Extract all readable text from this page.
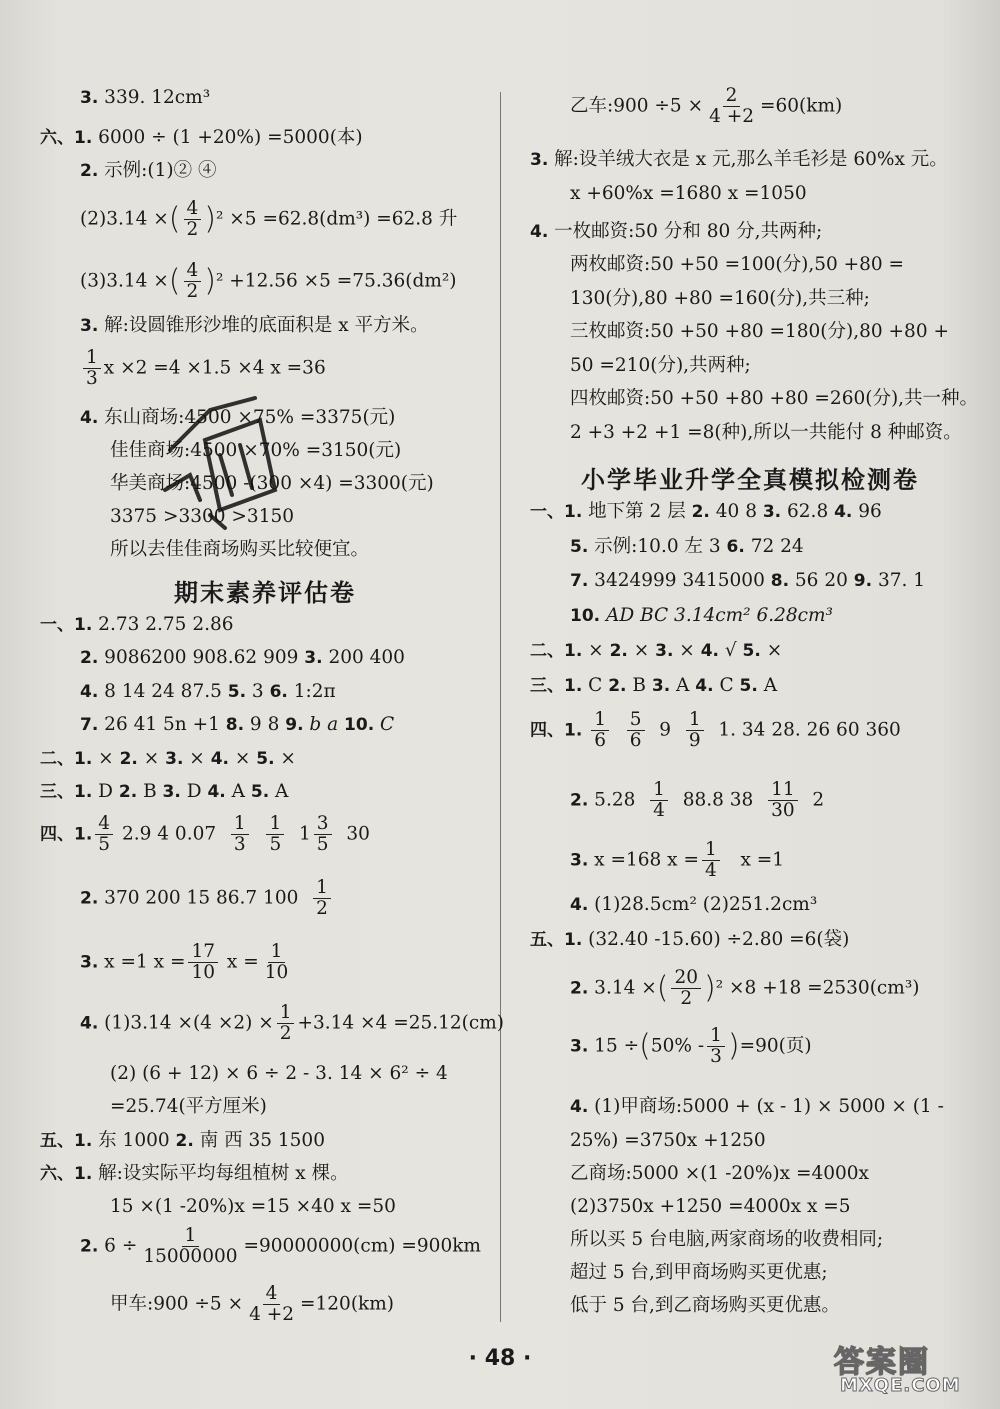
3. 339. 12cm³
六、1. 6000 ÷ (1 +20%) =5000(本)
2. 示例:(1)② ④
(2)3.14 ×( $\frac{4}{2} )^2 \times 5 =62.8(dm^3) =62.8$ 升
(3)3.14 ×( $\frac{4}{2} )^2 +12.56 \times 5 =75.36(dm^2)$
3. 解:设圆锥形沙堆的底面积是 x 平方米。
$\frac{1}{3}$ x ×2 =4 ×1.5 ×4 x =36
4. 东山商场:4500 ×75% =3375(元)
佳佳商场:4500 ×70% =3150(元)
华美商场:4500 -(300 ×4) =3300(元)
3375 >3300 >3150
所以去佳佳商场购买比较便宜。
期末素养评估卷
一、1. 2.73 2.75 2.86
2. 9086200 908.62 909 3. 200 400
4. 8 14 24 87.5 5. 3 6. 1:2π
7. 26 41 5n +1 8. 9 8 9. b a 10. C
二、1. × 2. × 3. × 4. × 5. ×
三、1. D 2. B 3. D 4. A 5. A
四、1. $\frac{4}{5} 2.9$ 4 $0.07 \frac{1}{3}$
$\frac{1}{5} 1 \frac{3}{5} 30$
2. 370 200 15 86.7 $100 \frac{1}{2}$
3. x =1 $x = \frac{17}{10}$ $x = \frac{1}{10}$
4. $(1)3.14 \times(4 \times 2) \times \frac{1}{2} +3.14 \times 4 =25.12(cm)$
(2) (6 + 12) × 6 ÷ 2 - 3. 14 × 6² ÷ 4
=25.74(平方厘米)
五、1. 东 1000 2. 南 西 35 1500
六、1. 解:设实际平均每组植树 x 棵。
15 ×(1 -20%)x =15 ×40 x =50
2. $6 \div \frac{1}{15000000} =90000000(cm) =900km$
甲车:900 $\div 5 \times \frac{4}{4 +2} =120(km)$
乙车:900 $\div 5 \times \frac{2}{4 +2} =60(km)$
3. 解:设羊绒大衣是 x 元,那么羊毛衫是 60%x 元。
x +60%x =1680 x =1050
4. 一枚邮资:50 分和 80 分,共两种;
两枚邮资:50 +50 =100(分),50 +80 =
130(分),80 +80 =160(分),共三种;
三枚邮资:50 +50 +80 =180(分),80 +80 +
50 =210(分),共两种;
四枚邮资:50 +50 +80 +80 =260(分),共一种。
2 +3 +2 +1 =8(种),所以一共能付 8 种邮资。
小学毕业升学全真模拟检测卷
一、1. 地下第 2 层 2. 40 8 3. 62.8 4. 96
5. 示例:10.0 左 3 6. 72 24
7. 3424999 3415000 8. 56 20 9. 37. 1
10. AD BC 3.14cm² 6.28cm³
二、1. × 2. × 3. × 4. √ 5. ×
三、1. C 2. B 3. A 4. C 5. A
四、1. $\frac{1}{6}$
$\frac{5}{6} 9 \frac{1}{9} 1$. 34 28. 26 60 360
2. $5.28 \frac{1}{4} 88.8$ $38 \frac{11}{30} 2$
3. x =168 $x = \frac{1}{4}$ x =1
4. (1)28.5cm² (2)251.2cm³
五、1. (32.40 -15.60) ÷2.80 =6(袋)
2. 3.14 ×( $\frac{20}{2} )^2 \times 8 +18 =2530(cm^3)$
3. $15 \div(50\% - \frac{1}{3} )=90$(页)
4. (1)甲商场:5000 + (x - 1) × 5000 × (1 -
25%) =3750x +1250
乙商场:5000 ×(1 -20%)x =4000x
(2)3750x +1250 =4000x x =5
所以买 5 台电脑,两家商场的收费相同;
超过 5 台,到甲商场购买更优惠;
低于 5 台,到乙商场购买更优惠。
· 48 ·	答案圈
MXQE.COM
